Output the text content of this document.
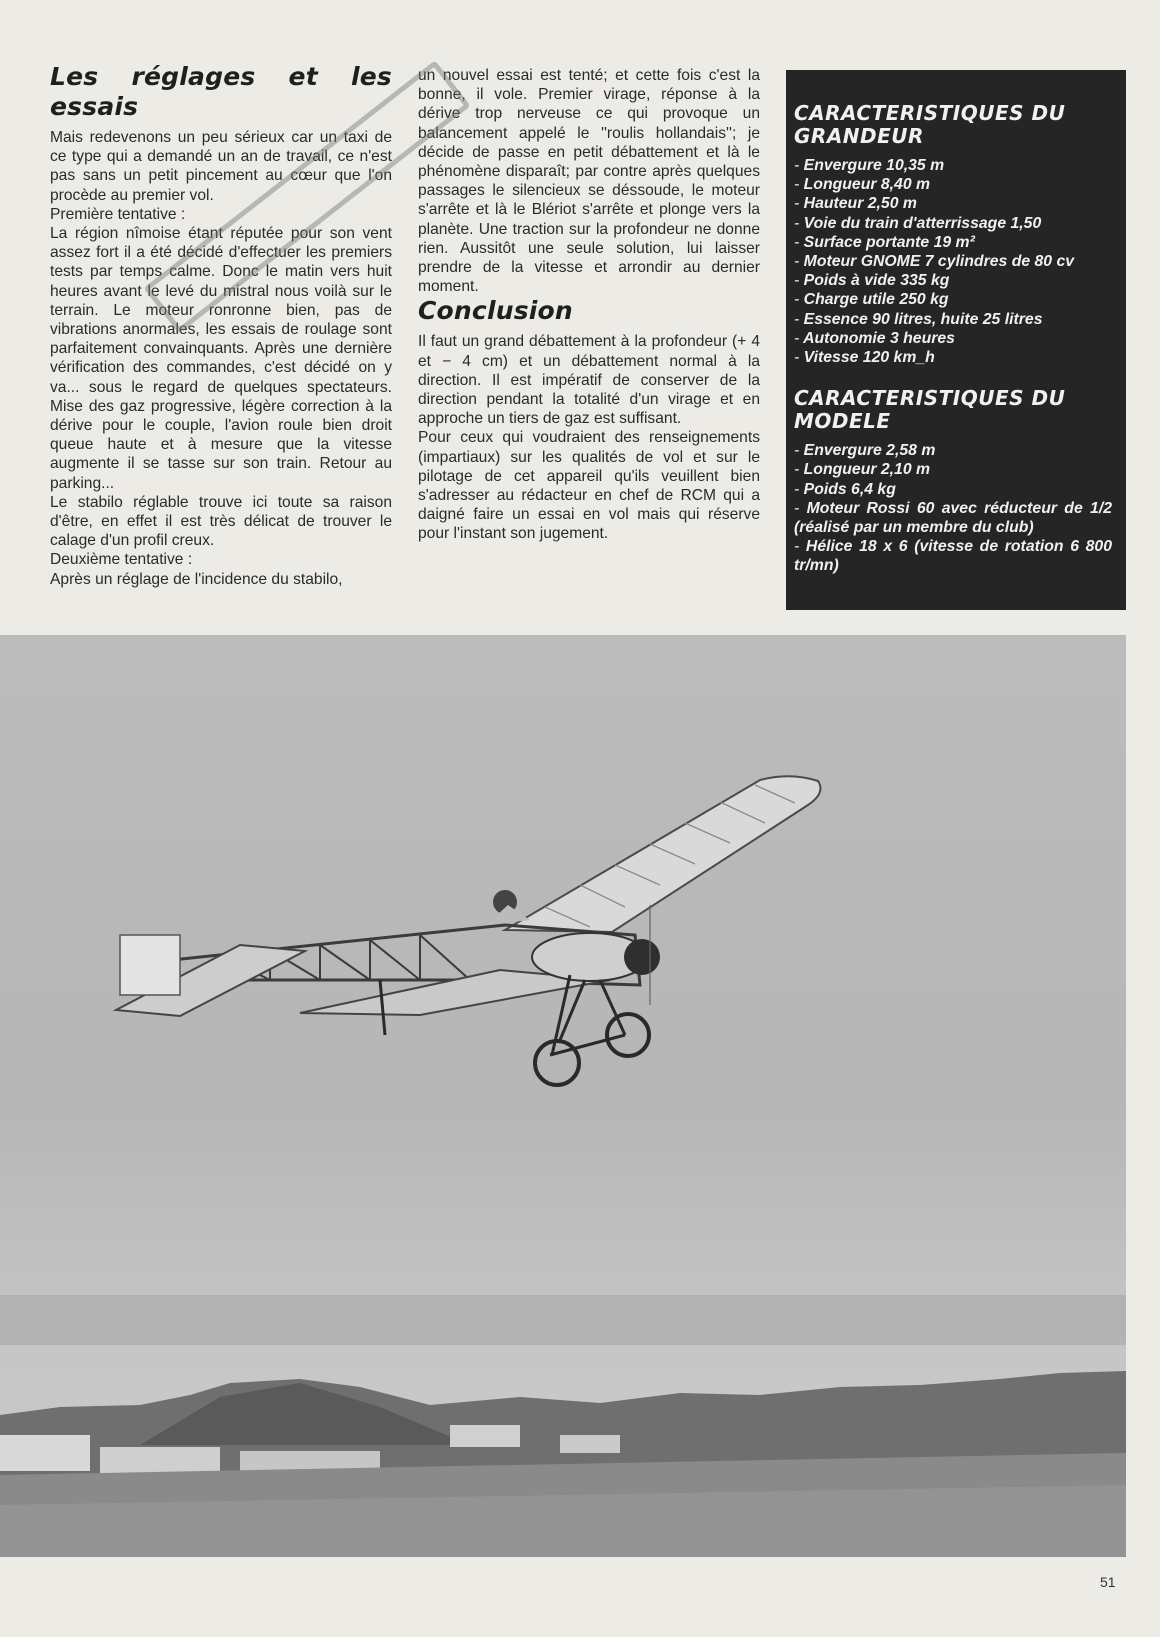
Les réglages et les essais

Mais redevenons un peu sérieux car un taxi de ce type qui a demandé un an de travail, ce n'est pas sans un petit pincement au cœur que l'on procède au premier vol.

Première tentative :

La région nîmoise étant réputée pour son vent assez fort il a été décidé d'effectuer les premiers tests par temps calme. Donc le matin vers huit heures avant le levé du mistral nous voilà sur le terrain. Le moteur ronronne bien, pas de vibrations anormales, les essais de roulage sont parfaitement convainquants. Après une dernière vérification des commandes, c'est décidé on y va... sous le regard de quelques spectateurs. Mise des gaz progressive, légère correction à la dérive pour le couple, l'avion roule bien droit queue haute et à mesure que la vitesse augmente il se tasse sur son train. Retour au parking...

Le stabilo réglable trouve ici toute sa raison d'être, en effet il est très délicat de trouver le calage d'un profil creux.

Deuxième tentative :

Après un réglage de l'incidence du stabilo,

un nouvel essai est tenté; et cette fois c'est la bonne, il vole. Premier virage, réponse à la dérive trop nerveuse ce qui provoque un balancement appelé le ''roulis hollandais''; je décide de passe en petit débattement et là le phénomène disparaît; par contre après quelques passages le silencieux se déssoude, le moteur s'arrête et là le Blériot s'arrête et plonge vers la planète. Une traction sur la profondeur ne donne rien. Aussitôt une seule solution, lui laisser prendre de la vitesse et arrondir au dernier moment.

Conclusion

Il faut un grand débattement à la profondeur (+ 4 et − 4 cm) et un débattement normal à la direction. Il est impératif de conserver de la direction pendant la totalité d'un virage et en approche un tiers de gaz est suffisant.

Pour ceux qui voudraient des renseignements (impartiaux) sur les qualités de vol et sur le pilotage de cet appareil qu'ils veuillent bien s'adresser au rédacteur en chef de RCM qui a daigné faire un essai en vol mais qui réserve pour l'instant son jugement.

CARACTERISTIQUES DU GRANDEUR
- Envergure 10,35 m
- Longueur 8,40 m
- Hauteur 2,50 m
- Voie du train d'atterrissage 1,50
- Surface portante 19 m²
- Moteur GNOME 7 cylindres de 80 cv
- Poids à vide 335 kg
- Charge utile 250 kg
- Essence 90 litres, huite 25 litres
- Autonomie 3 heures
- Vitesse 120 km_h
CARACTERISTIQUES DU MODELE
- Envergure 2,58 m
- Longueur 2,10 m
- Poids 6,4 kg
- Moteur Rossi 60 avec réducteur de 1/2 (réalisé par un membre du club)
- Hélice 18 x 6 (vitesse de rotation 6 800 tr/mn)

51
